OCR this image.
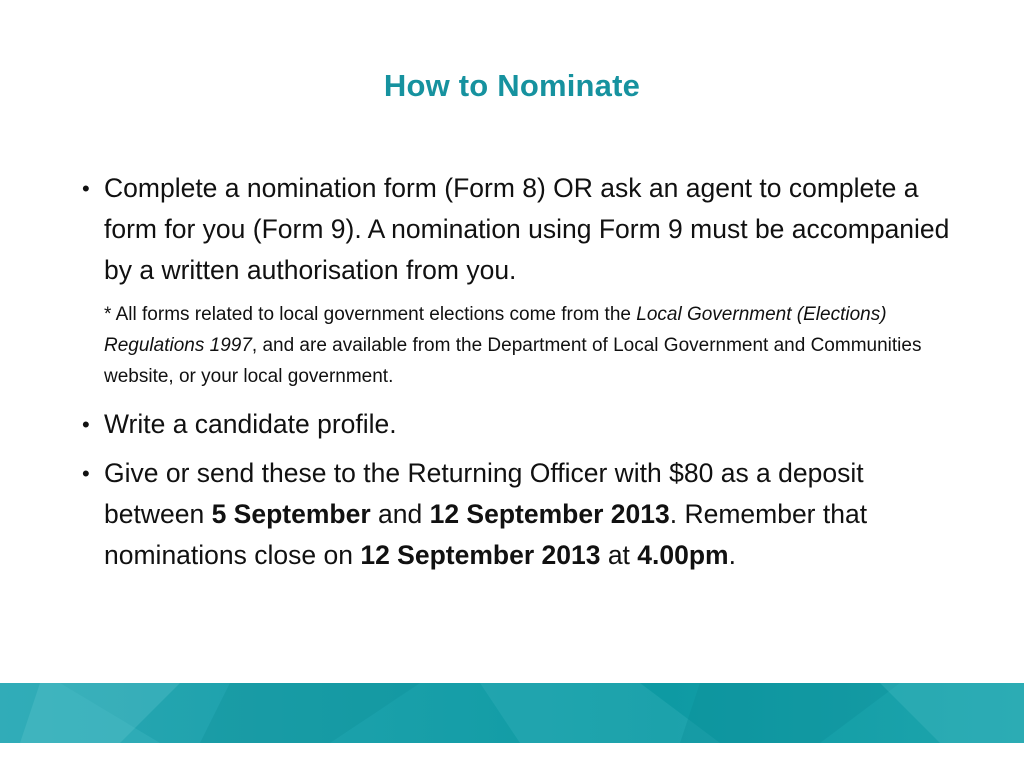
How to Nominate
• Complete a nomination form (Form 8) OR ask an agent to complete a form for you (Form 9). A nomination using Form 9 must be accompanied by a written authorisation from you.
* All forms related to local government elections come from the Local Government (Elections) Regulations 1997, and are available from the Department of Local Government and Communities website, or your local government.
• Write a candidate profile.
• Give or send these to the Returning Officer with $80 as a deposit between 5 September and 12 September 2013. Remember that nominations close on 12 September 2013 at 4.00pm.
